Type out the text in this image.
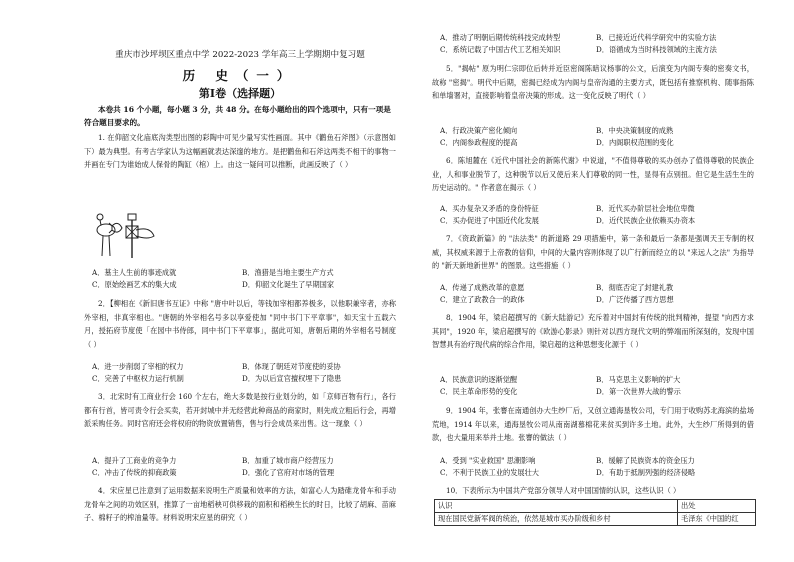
重庆市沙坪坝区重点中学 2022-2023 学年高三上学期期中复习题
历 史（一）
第Ⅰ卷（选择题）
本卷共 16 个小题，每小题 3 分，共 48 分。在每小题给出的四个选项中，只有一项是符合题目要求的。
1. 在仰韶文化庙底沟类型出图的彩陶中可见少量写实性画面。其中《鹳鱼石斧图》（示意图如下）最为典型。有考古学家认为这幅画就表达深邃的地方。是把鹳鱼和石斧这两类不相干的事物一并画在专门为谁始成人保骨的陶缸（棺）上。由这一疑问可以推断，此画反映了（ ）
A．墓主人生前的事迹成就	B．渔猎是当地主要生产方式
C．原始绘画艺术的集大成	D．仰韶文化诞生了早期国家
2．【柳相在《新旧唐书互证》中称 "唐中叶以后，等钱加宰相都养极多，以他职兼宰者，亦称外宰相，非真宰相也。"唐朝的外宰相名号多以享爱使加 "同中书门下平章事"，如天宝十五载六月，授拓府节度使「在园中书侍郎，同中书门下平章事」，据此可知，唐朝后期的外宰相名号制度（ ）
A．进一步削弱了宰相的权力	B．体现了朝廷对节度使的妥协
C．完善了中枢权力运行机制	D．为以后宣官擅权埋下了隐患
3．北宋时有工商业行会 160 个左右，绝大多数是按行业划分的，如「京师百物有行」，各行都有行首，皆可责令行会买卖，若开封城中并无经营此种商品的商家时，则先成立粗后行会，再增派采购任务。同时官府还会将权府的物资放置销售，售与行会成员来出售。这一现象（ ）
A．提升了工商业的竞争力	B．加重了城市商户经营压力
C．冲击了传统的抑商政策	D．强化了官府对市场的管理
4．宋应星已注意到了运用数据来说明生产质量和效率的方法，如富心人为踏碓龙骨车和手动龙骨车之间的功效区别，推算了一亩地稻秧可供移栽的面积和稻秧生长的时日，比较了胡麻、苗麻子、棉籽子的榨油量等。材料说明宋应星的研究（ ）
A．推动了明朝后期传统科技完成转型	B．已接近近代科学研究中的实验方法
C．系统记载了中国古代工艺相关知识	D．语循成为当时科技领域的主流方法
5．"揭帖" 原为明仁宗即位后转并近臣密阁陈暗议杨事的公文，后演变为内阁专奏的密奏文书，故称 "密揭"。明代中后期，密揭已经成为内阁与皇帝沟通的主要方式，既包括有推察机构、随事指陈和单墙署对，直接影响着皇帝决策的形成。这一变化反映了明代（ ）
A．行政决策产密化倾向	B．中央决策制度的成熟
C．内阁参政程度的提高	D．内阁职权范围的变化
6．陈旭麓在《近代中国社会的新陈代谢》中说道，"不值得尊敬的买办创办了值得尊敬的民族企业，人和事业脱节了，这种脱节以后又使后来人们尊敬的同一性，显得有点别扭。但它是生活生生的历史运动的。" 作者意在揭示（ ）
A．买办复杂又矛盾的身份特征	B．近代买办阶层社会地位卑微
C．买办促进了中国近代化发展	D．近代民族企业依赖买办资本
7．《资政新篇》的 "法法类" 的新道路 29 项措施中，第一条和最后一条都是强调天王专制的权威，其权威来源于上帝教的信仰，中间的大量内容则体现了以广行新而经立的以 "来远人之法" 为指导的 "新天新地新世界" 的图景。这些措施（ ）
A．传递了成熟改革的意愿	B．彻底否定了封建礼教
C．建立了政教合一的政体	D．广泛传播了西方思想
8．1904 年，梁启超撰写的《新大陆游记》充斥着对中国封有传统的批判精神，提望 "向西方求其同"，1920 年，梁启超撰写的《欧游心影录》则针对以西方现代文明的弊端而所深刻的，发现中国智慧具有治疗现代病的综合作用，梁启超的这种思想变化源于（ ）
A．民族意识的逐渐觉醒	B．马克思主义影响的扩大
C．民主革命形势的变化	D．第一次世界大战的警示
9．1904 年，张謇在南通创办大生纱厂后，又创立通海垦牧公司，专门用于收购苏北海滨的盐场荒地，1914 年以来，通海垦牧公司从南南湖慕棉花来贫买到许多土地。此外，大生纱厂所得到的借款，也大量用来举并土地。张謇的做法（ ）
A．受到 "实业救国" 思潮影响	B．缓解了民族资本的资金压力
C．不利于民族工业的发展壮大	D．有助于抵制列强的经济侵略
10．下表所示为中国共产党部分领导人对中国国情的认识，这些认识（ ）
认识	出处
现在国民党新军阀的统治，依然是城市买办阶级和乡村	毛泽东《中国的红
